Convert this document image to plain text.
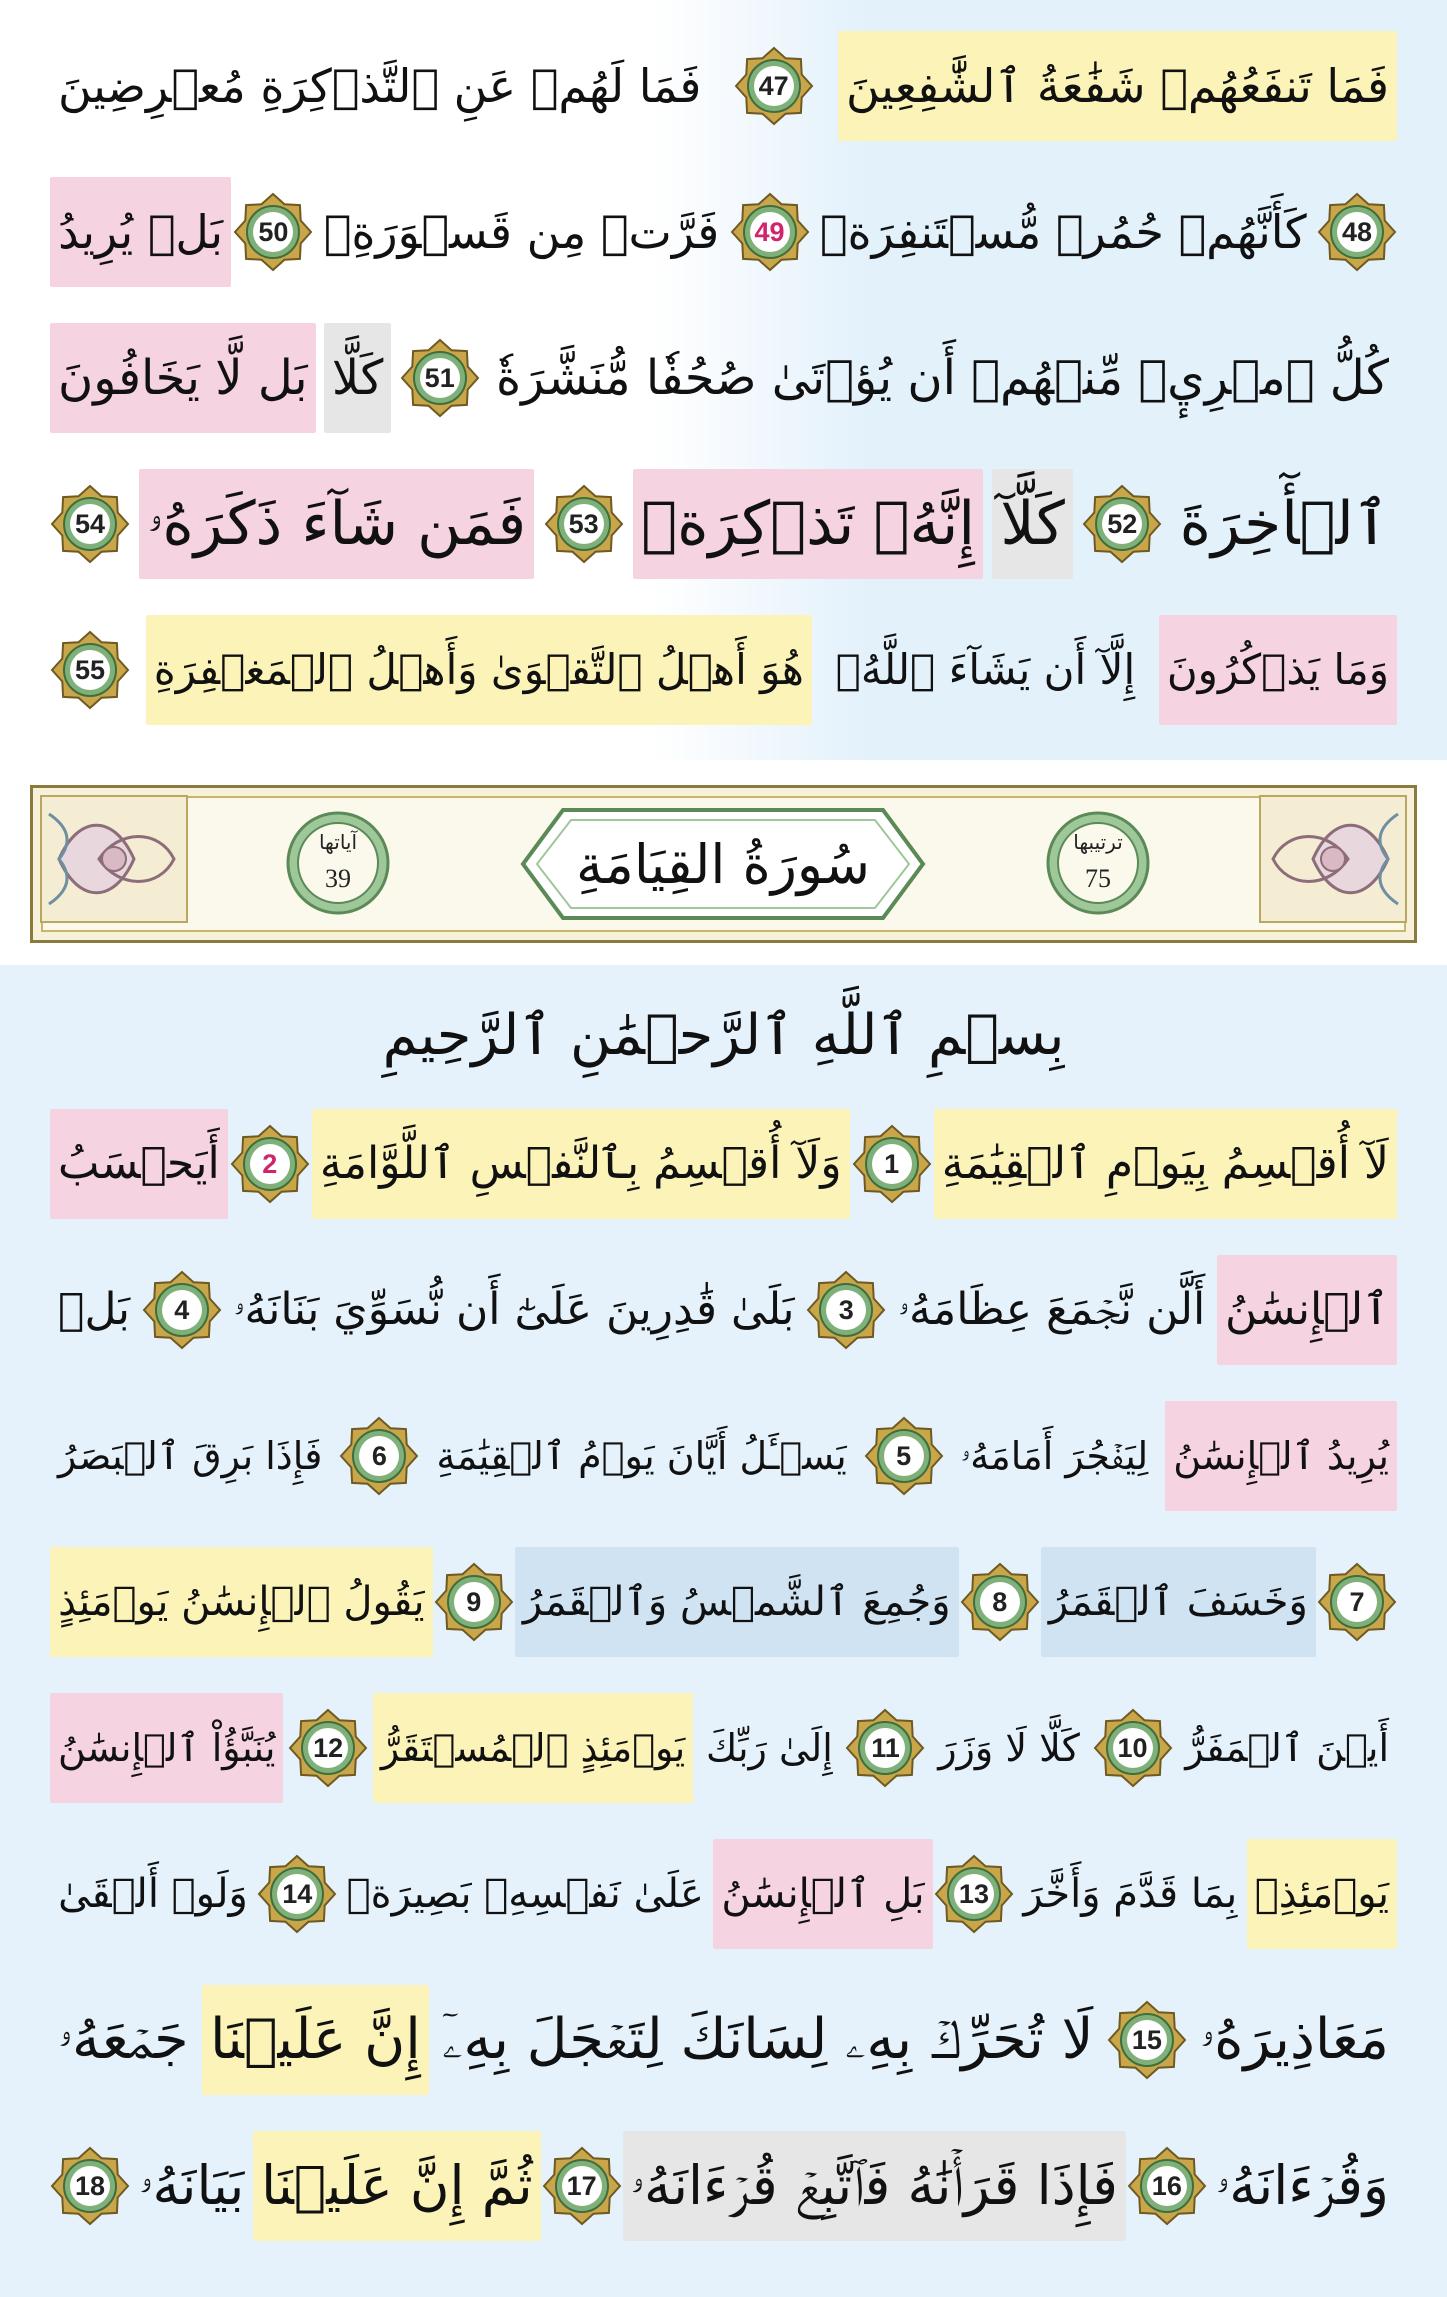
فَمَا تَنفَعُهُمۡ شَفَٰعَةُ ٱلشَّٰفِعِينَ
47
فَمَا لَهُمۡ عَنِ ٱلتَّذۡكِرَةِ مُعۡرِضِينَ
48
كَأَنَّهُمۡ حُمُرٞ مُّسۡتَنفِرَةٞ
49
فَرَّتۡ مِن قَسۡوَرَةِۭ
50
بَلۡ يُرِيدُ
كُلُّ ٱمۡرِيٕٖ مِّنۡهُمۡ أَن يُؤۡتَىٰ صُحُفٗا مُّنَشَّرَةٗ
51
كَلَّا
بَل لَّا يَخَافُونَ
ٱلۡأٓخِرَةَ
52
كَلَّآ
إِنَّهُۥ تَذۡكِرَةٞ
53
فَمَن شَآءَ ذَكَرَهُۥ
54
وَمَا يَذۡكُرُونَ
إِلَّآ أَن يَشَآءَ ٱللَّهُۚ
هُوَ أَهۡلُ ٱلتَّقۡوَىٰ وَأَهۡلُ ٱلۡمَغۡفِرَةِ
55
آياتها
39	سُورَةُ القِيَامَةِ	ترتيبها
75
بِسۡمِ ٱللَّهِ ٱلرَّحۡمَٰنِ ٱلرَّحِيمِ
لَآ أُقۡسِمُ بِيَوۡمِ ٱلۡقِيَٰمَةِ
1
وَلَآ أُقۡسِمُ بِٱلنَّفۡسِ ٱللَّوَّامَةِ
2
أَيَحۡسَبُ
ٱلۡإِنسَٰنُ
أَلَّن نَّجۡمَعَ عِظَامَهُۥ
3
بَلَىٰ قَٰدِرِينَ عَلَىٰٓ أَن نُّسَوِّيَ بَنَانَهُۥ
4
بَلۡ
يُرِيدُ ٱلۡإِنسَٰنُ
لِيَفۡجُرَ أَمَامَهُۥ
5
يَسۡـَٔلُ أَيَّانَ يَوۡمُ ٱلۡقِيَٰمَةِ
6
فَإِذَا بَرِقَ ٱلۡبَصَرُ
7
وَخَسَفَ ٱلۡقَمَرُ
8
وَجُمِعَ ٱلشَّمۡسُ وَٱلۡقَمَرُ
9
يَقُولُ ٱلۡإِنسَٰنُ يَوۡمَئِذٍ
أَيۡنَ ٱلۡمَفَرُّ
10
كَلَّا لَا وَزَرَ
11
إِلَىٰ رَبِّكَ
يَوۡمَئِذٍ ٱلۡمُسۡتَقَرُّ
12
يُنَبَّؤُاْ ٱلۡإِنسَٰنُ
يَوۡمَئِذِۭ
بِمَا قَدَّمَ وَأَخَّرَ
13
بَلِ ٱلۡإِنسَٰنُ
عَلَىٰ نَفۡسِهِۦ بَصِيرَةٞ
14
وَلَوۡ أَلۡقَىٰ
مَعَاذِيرَهُۥ
15
لَا تُحَرِّكۡ بِهِۦ لِسَانَكَ لِتَعۡجَلَ بِهِۦٓ
إِنَّ عَلَيۡنَا
جَمۡعَهُۥ
وَقُرۡءَانَهُۥ
16
فَإِذَا قَرَأۡنَٰهُ فَٱتَّبِعۡ قُرۡءَانَهُۥ
17
ثُمَّ إِنَّ عَلَيۡنَا
بَيَانَهُۥ
18
